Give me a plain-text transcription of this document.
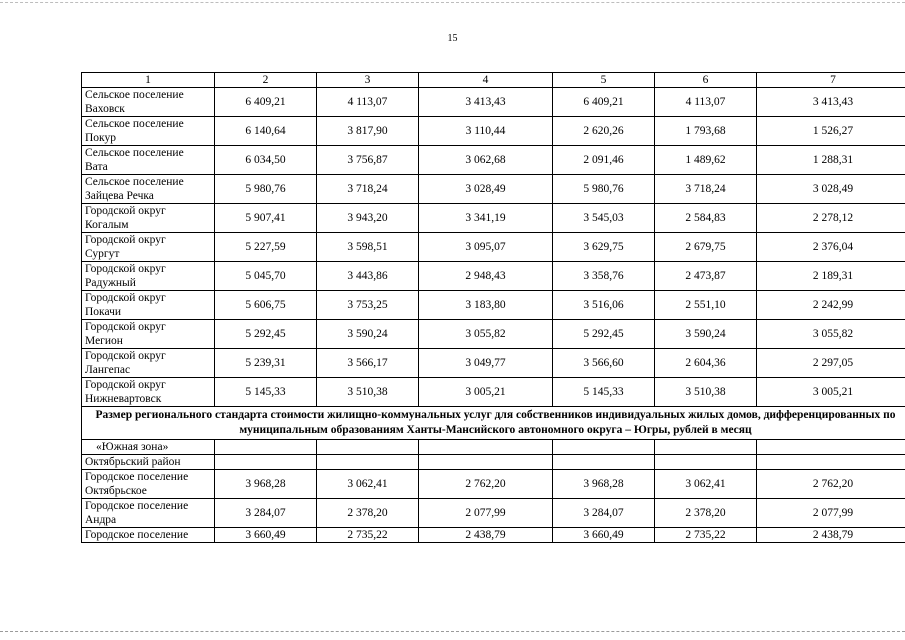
15
1	2	3	4	5	6	7
Сельское поселение
Ваховск	6 409,21	4 113,07	3 413,43	6 409,21	4 113,07	3 413,43
Сельское поселение
Покур	6 140,64	3 817,90	3 110,44	2 620,26	1 793,68	1 526,27
Сельское поселение
Вата	6 034,50	3 756,87	3 062,68	2 091,46	1 489,62	1 288,31
Сельское поселение
Зайцева Речка	5 980,76	3 718,24	3 028,49	5 980,76	3 718,24	3 028,49
Городской округ
Когалым	5 907,41	3 943,20	3 341,19	3 545,03	2 584,83	2 278,12
Городской округ
Сургут	5 227,59	3 598,51	3 095,07	3 629,75	2 679,75	2 376,04
Городской округ
Радужный	5 045,70	3 443,86	2 948,43	3 358,76	2 473,87	2 189,31
Городской округ
Покачи	5 606,75	3 753,25	3 183,80	3 516,06	2 551,10	2 242,99
Городской округ
Мегион	5 292,45	3 590,24	3 055,82	5 292,45	3 590,24	3 055,82
Городской округ
Лангепас	5 239,31	3 566,17	3 049,77	3 566,60	2 604,36	2 297,05
Городской округ
Нижневартовск	5 145,33	3 510,38	3 005,21	5 145,33	3 510,38	3 005,21
Размер регионального стандарта стоимости жилищно-коммунальных услуг для собственников индивидуальных жилых домов, дифференцированных по муниципальным образованиям Ханты-Мансийского автономного округа – Югры, рублей в месяц						
«Южная зона»						
Октябрьский район						
Городское поселение
Октябрьское	3 968,28	3 062,41	2 762,20	3 968,28	3 062,41	2 762,20
Городское поселение
Андра	3 284,07	2 378,20	2 077,99	3 284,07	2 378,20	2 077,99
Городское поселение	3 660,49	2 735,22	2 438,79	3 660,49	2 735,22	2 438,79
